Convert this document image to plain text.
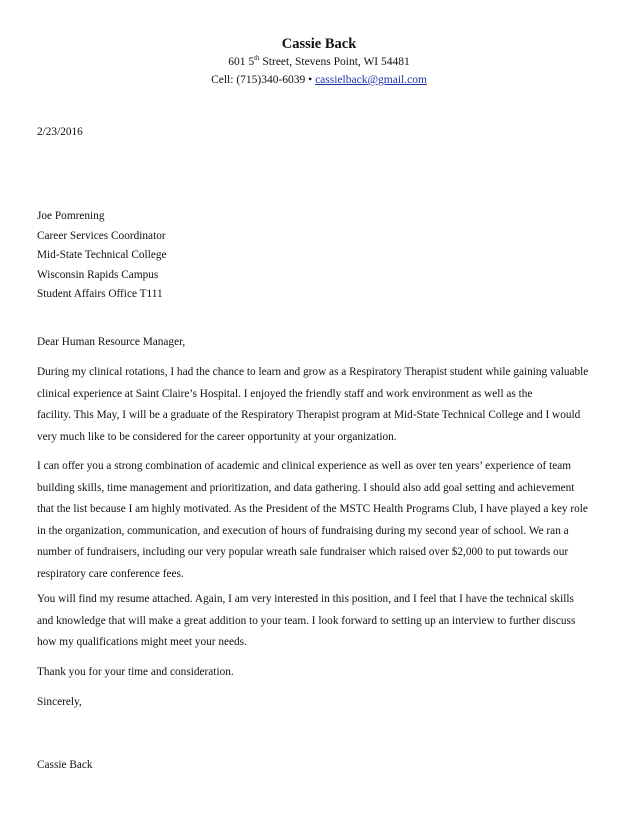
Cassie Back
601 5th Street, Stevens Point, WI 54481
Cell: (715)340-6039 • cassielback@gmail.com
2/23/2016
Joe Pomrening
Career Services Coordinator
Mid-State Technical College
Wisconsin Rapids Campus
Student Affairs Office T111
Dear Human Resource Manager,
During my clinical rotations, I had the chance to learn and grow as a Respiratory Therapist student while gaining valuable
clinical experience at Saint Claire’s Hospital. I enjoyed the friendly staff and work environment as well as the
facility. This May, I will be a graduate of the Respiratory Therapist program at Mid-State Technical College and I would
very much like to be considered for the career opportunity at your organization.
I can offer you a strong combination of academic and clinical experience as well as over ten years’ experience of team
building skills, time management and prioritization, and data gathering. I should also add goal setting and achievement
that the list because I am highly motivated. As the President of the MSTC Health Programs Club, I have played a key role
in the organization, communication, and execution of hours of fundraising during my second year of school. We ran a
number of fundraisers, including our very popular wreath sale fundraiser which raised over $2,000 to put towards our
respiratory care conference fees.
You will find my resume attached. Again, I am very interested in this position, and I feel that I have the technical skills
and knowledge that will make a great addition to your team. I look forward to setting up an interview to further discuss
how my qualifications might meet your needs.
Thank you for your time and consideration.
Sincerely,
Cassie Back
